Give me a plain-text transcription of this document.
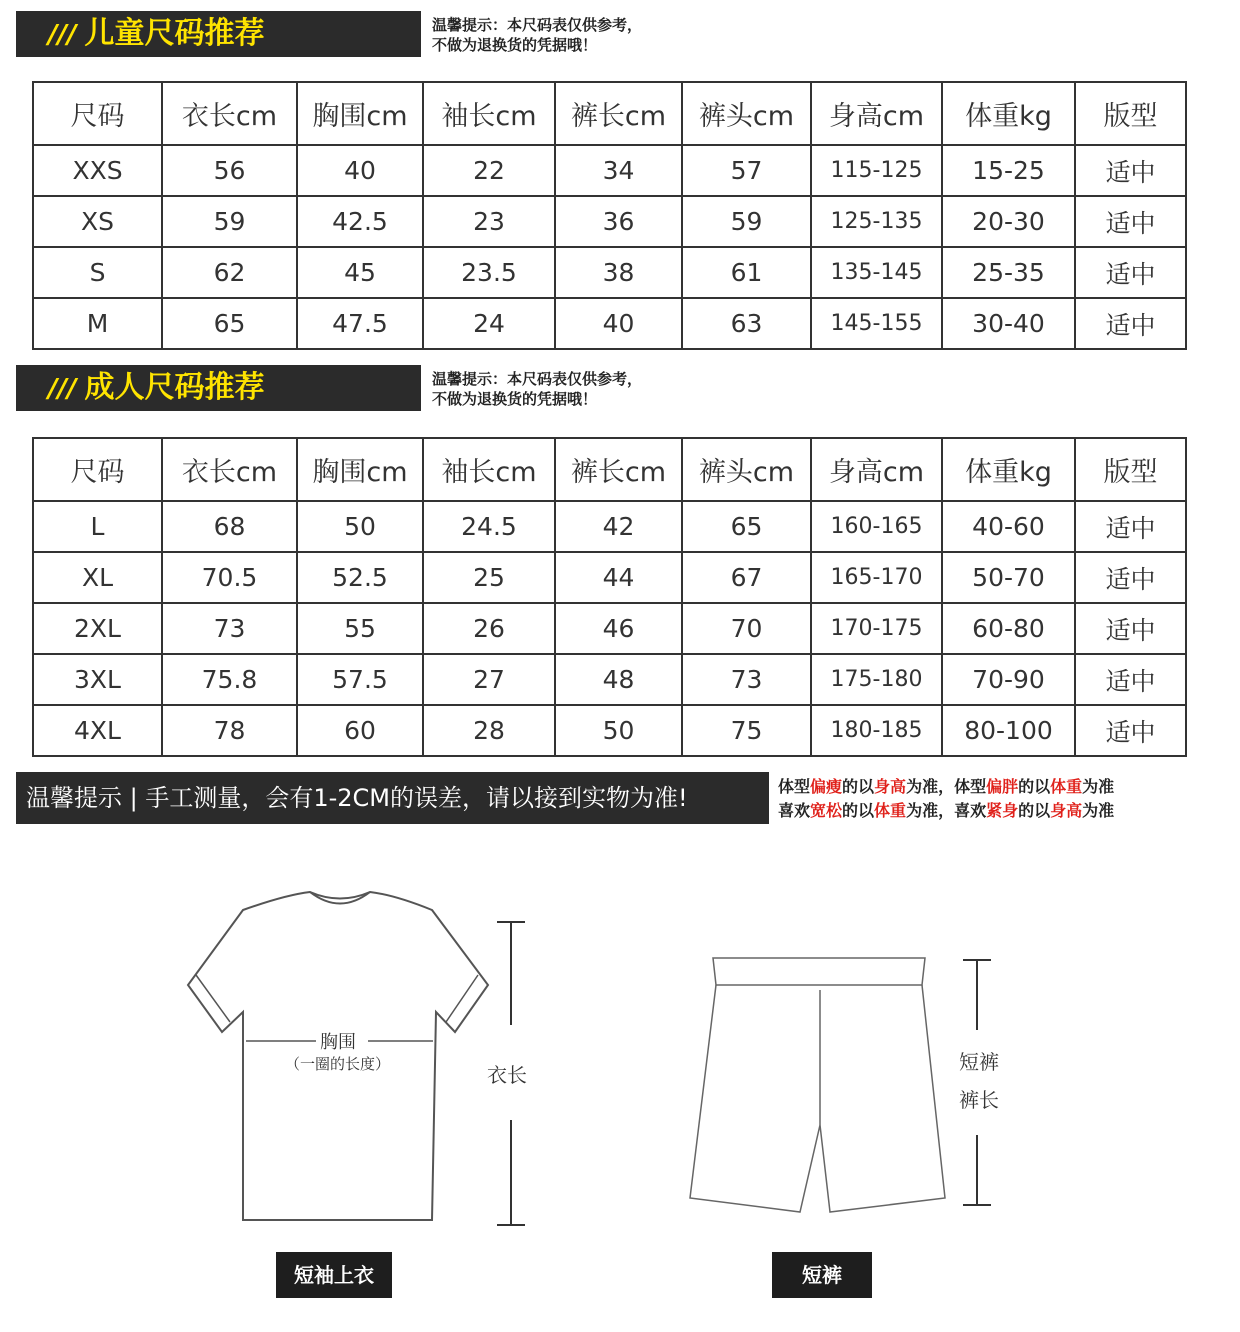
/// 儿童尺码推荐	温馨提示：本尺码表仅供参考，
不做为退换货的凭据哦！
尺码	衣长cm	胸围cm	袖长cm	裤长cm	裤头cm	身高cm	体重kg	版型
XXS	56	40	22	34	57	115-125	15-25	适中
XS	59	42.5	23	36	59	125-135	20-30	适中
S	62	45	23.5	38	61	135-145	25-35	适中
M	65	47.5	24	40	63	145-155	30-40	适中
/// 成人尺码推荐	温馨提示：本尺码表仅供参考，
不做为退换货的凭据哦！
尺码	衣长cm	胸围cm	袖长cm	裤长cm	裤头cm	身高cm	体重kg	版型
L	68	50	24.5	42	65	160-165	40-60	适中
XL	70.5	52.5	25	44	67	165-170	50-70	适中
2XL	73	55	26	46	70	170-175	60-80	适中
3XL	75.8	57.5	27	48	73	175-180	70-90	适中
4XL	78	60	28	50	75	180-185	80-100	适中
温馨提示 | 手工测量，会有1-2CM的误差，请以接到实物为准!	体型偏瘦的以身高为准，体型偏胖的以体重为准
喜欢宽松的以体重为准，喜欢紧身的以身高为准
胸围
（一圈的长度）	衣长
短裤
裤长
短袖上衣	短裤
